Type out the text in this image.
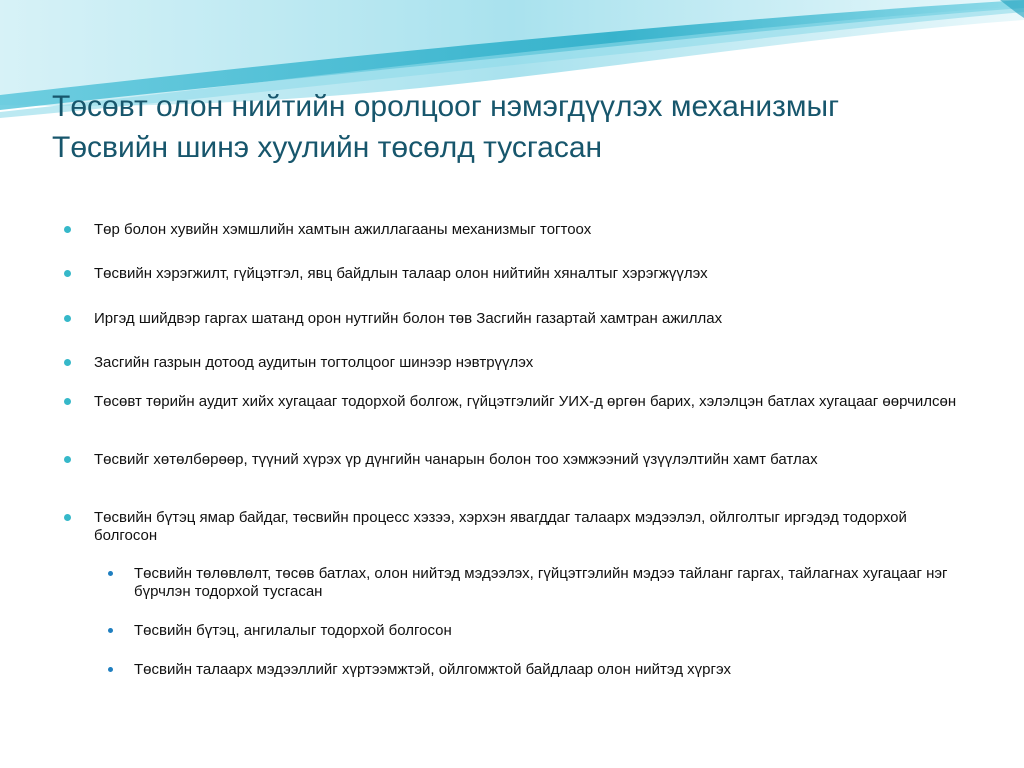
Төсөвт олон нийтийн оролцоог нэмэгдүүлэх механизмыг
Төсвийн шинэ хуулийн төсөлд тусгасан
Төр болон хувийн хэмшлийн хамтын ажиллагааны механизмыг тогтоох
Төсвийн хэрэгжилт, гүйцэтгэл, явц байдлын талаар олон нийтийн хяналтыг хэрэгжүүлэх
Иргэд шийдвэр гаргах шатанд орон нутгийн болон төв Засгийн газартай хамтран ажиллах
Засгийн газрын дотоод аудитын тогтолцоог шинээр нэвтрүүлэх
Төсөвт төрийн аудит хийх хугацааг тодорхой болгож, гүйцэтгэлийг УИХ-д өргөн барих, хэлэлцэн батлах хугацааг өөрчилсөн
Төсвийг хөтөлбөрөөр, түүний хүрэх үр дүнгийн чанарын болон тоо хэмжээний үзүүлэлтийн хамт батлах
Төсвийн бүтэц ямар байдаг, төсвийн процесс хэзээ, хэрхэн явагддаг талаарх мэдээлэл, ойлголтыг иргэдэд тодорхой болгосон
Төсвийн төлөвлөлт, төсөв батлах, олон нийтэд мэдээлэх, гүйцэтгэлийн мэдээ тайланг гаргах, тайлагнах хугацааг нэг бүрчлэн тодорхой тусгасан
Төсвийн бүтэц, ангилалыг тодорхой болгосон
Төсвийн талаарх мэдээллийг хүртээмжтэй, ойлгомжтой байдлаар олон нийтэд хүргэх
